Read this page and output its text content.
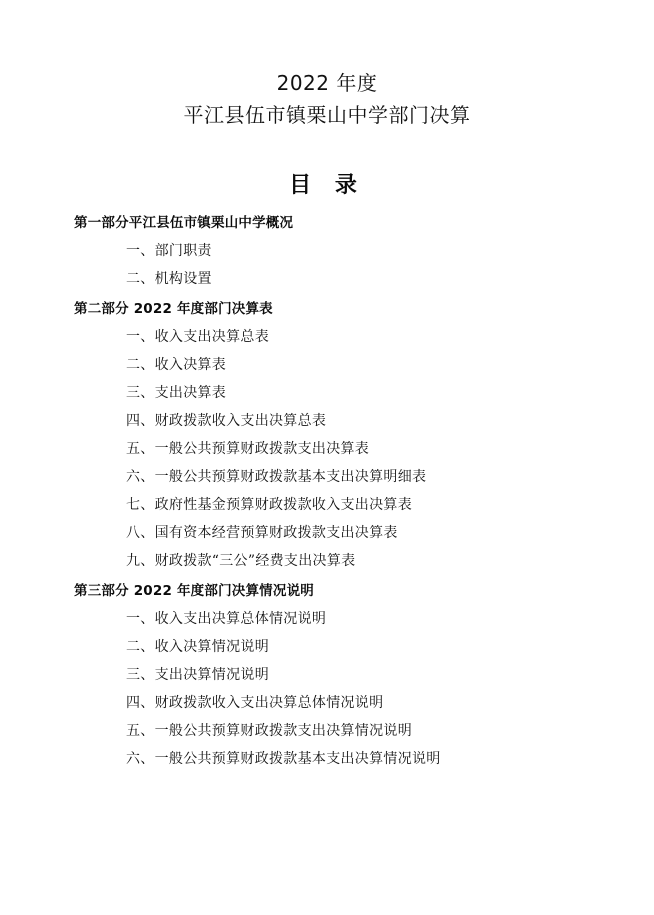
2022 年度
平江县伍市镇栗山中学部门决算
目 录
第一部分平江县伍市镇栗山中学概况
一、部门职责
二、机构设置
第二部分 2022 年度部门决算表
一、收入支出决算总表
二、收入决算表
三、支出决算表
四、财政拨款收入支出决算总表
五、一般公共预算财政拨款支出决算表
六、一般公共预算财政拨款基本支出决算明细表
七、政府性基金预算财政拨款收入支出决算表
八、国有资本经营预算财政拨款支出决算表
九、财政拨款“三公”经费支出决算表
第三部分 2022 年度部门决算情况说明
一、收入支出决算总体情况说明
二、收入决算情况说明
三、支出决算情况说明
四、财政拨款收入支出决算总体情况说明
五、一般公共预算财政拨款支出决算情况说明
六、一般公共预算财政拨款基本支出决算情况说明
